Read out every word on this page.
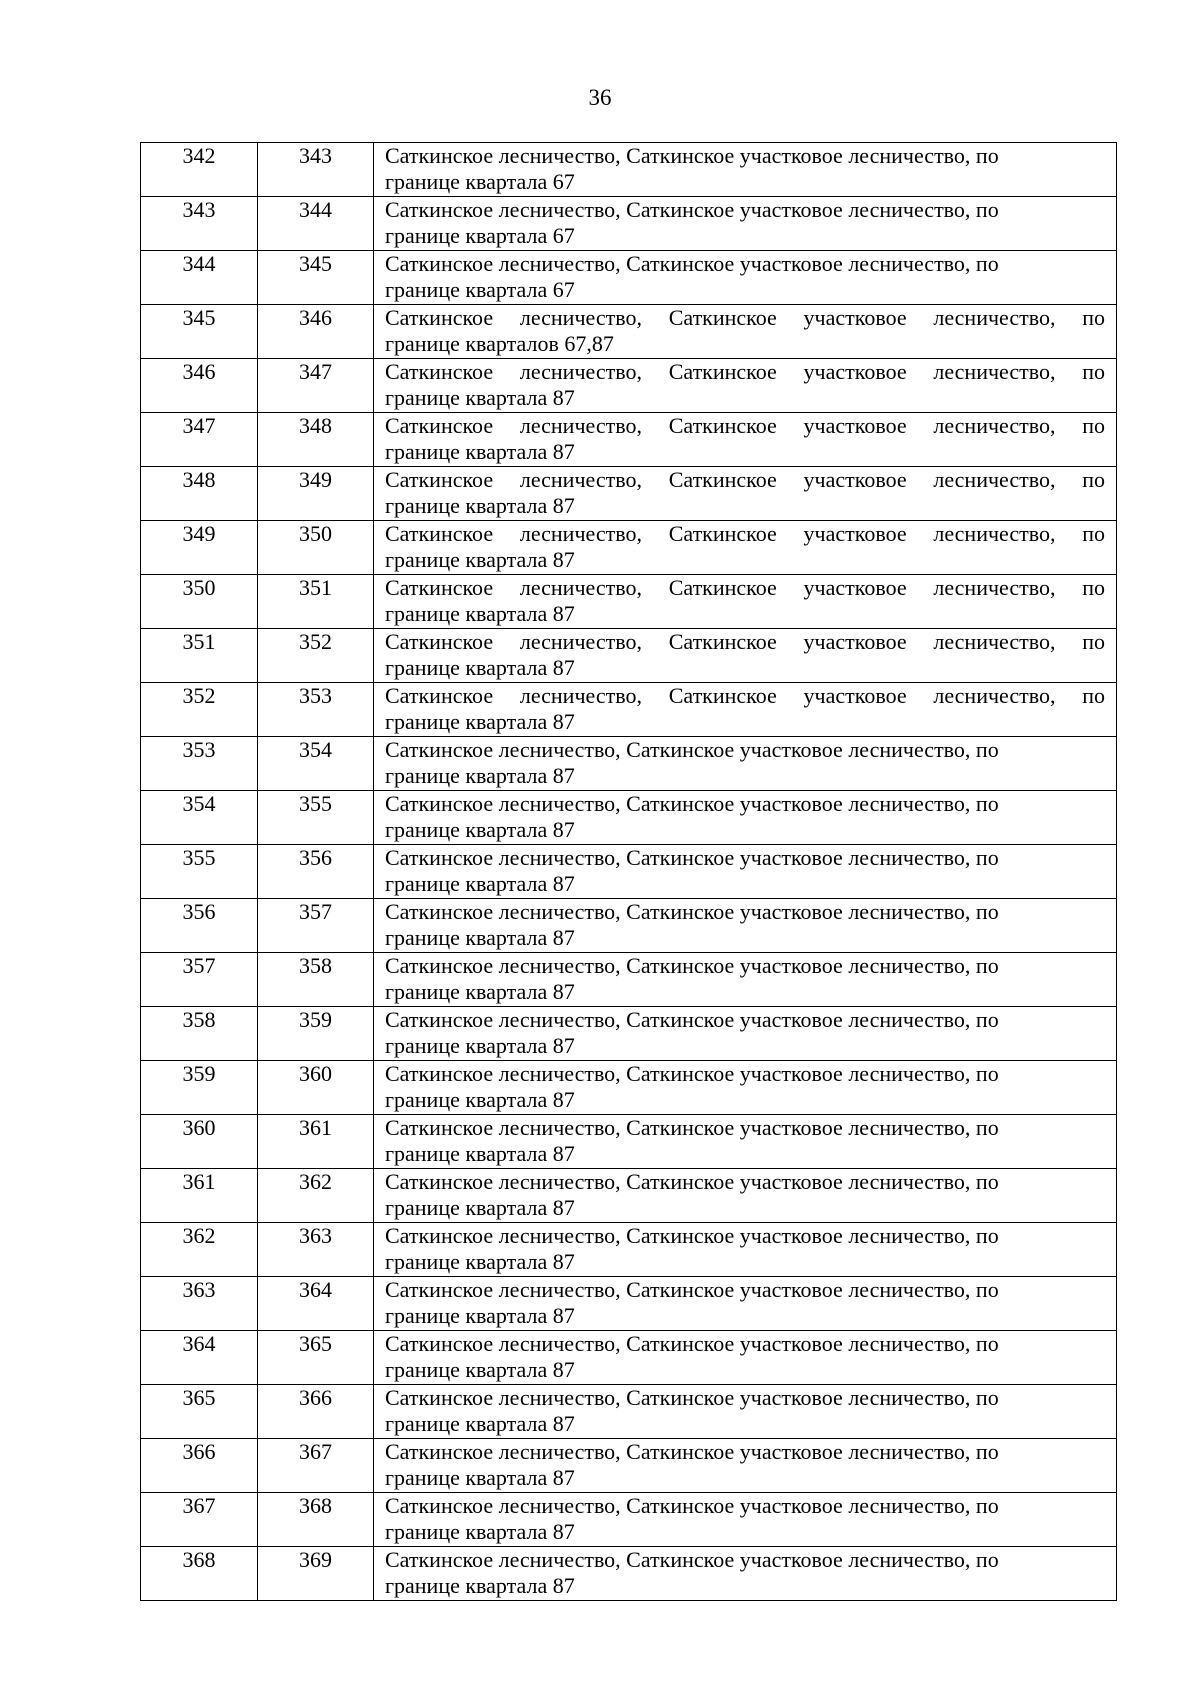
36
342	343	Саткинское лесничество, Саткинское участковое лесничество, по
границе квартала 67

343	344	Саткинское лесничество, Саткинское участковое лесничество, по
границе квартала 67

344	345	Саткинское лесничество, Саткинское участковое лесничество, по
границе квартала 67

345	346	Саткинское лесничество, Саткинское участковое лесничество, по
границе кварталов 67,87

346	347	Саткинское лесничество, Саткинское участковое лесничество, по
границе квартала 87

347	348	Саткинское лесничество, Саткинское участковое лесничество, по
границе квартала 87

348	349	Саткинское лесничество, Саткинское участковое лесничество, по
границе квартала 87

349	350	Саткинское лесничество, Саткинское участковое лесничество, по
границе квартала 87

350	351	Саткинское лесничество, Саткинское участковое лесничество, по
границе квартала 87

351	352	Саткинское лесничество, Саткинское участковое лесничество, по
границе квартала 87

352	353	Саткинское лесничество, Саткинское участковое лесничество, по
границе квартала 87

353	354	Саткинское лесничество, Саткинское участковое лесничество, по
границе квартала 87

354	355	Саткинское лесничество, Саткинское участковое лесничество, по
границе квартала 87

355	356	Саткинское лесничество, Саткинское участковое лесничество, по
границе квартала 87

356	357	Саткинское лесничество, Саткинское участковое лесничество, по
границе квартала 87

357	358	Саткинское лесничество, Саткинское участковое лесничество, по
границе квартала 87

358	359	Саткинское лесничество, Саткинское участковое лесничество, по
границе квартала 87

359	360	Саткинское лесничество, Саткинское участковое лесничество, по
границе квартала 87

360	361	Саткинское лесничество, Саткинское участковое лесничество, по
границе квартала 87

361	362	Саткинское лесничество, Саткинское участковое лесничество, по
границе квартала 87

362	363	Саткинское лесничество, Саткинское участковое лесничество, по
границе квартала 87

363	364	Саткинское лесничество, Саткинское участковое лесничество, по
границе квартала 87

364	365	Саткинское лесничество, Саткинское участковое лесничество, по
границе квартала 87

365	366	Саткинское лесничество, Саткинское участковое лесничество, по
границе квартала 87

366	367	Саткинское лесничество, Саткинское участковое лесничество, по
границе квартала 87

367	368	Саткинское лесничество, Саткинское участковое лесничество, по
границе квартала 87

368	369	Саткинское лесничество, Саткинское участковое лесничество, по
границе квартала 87
